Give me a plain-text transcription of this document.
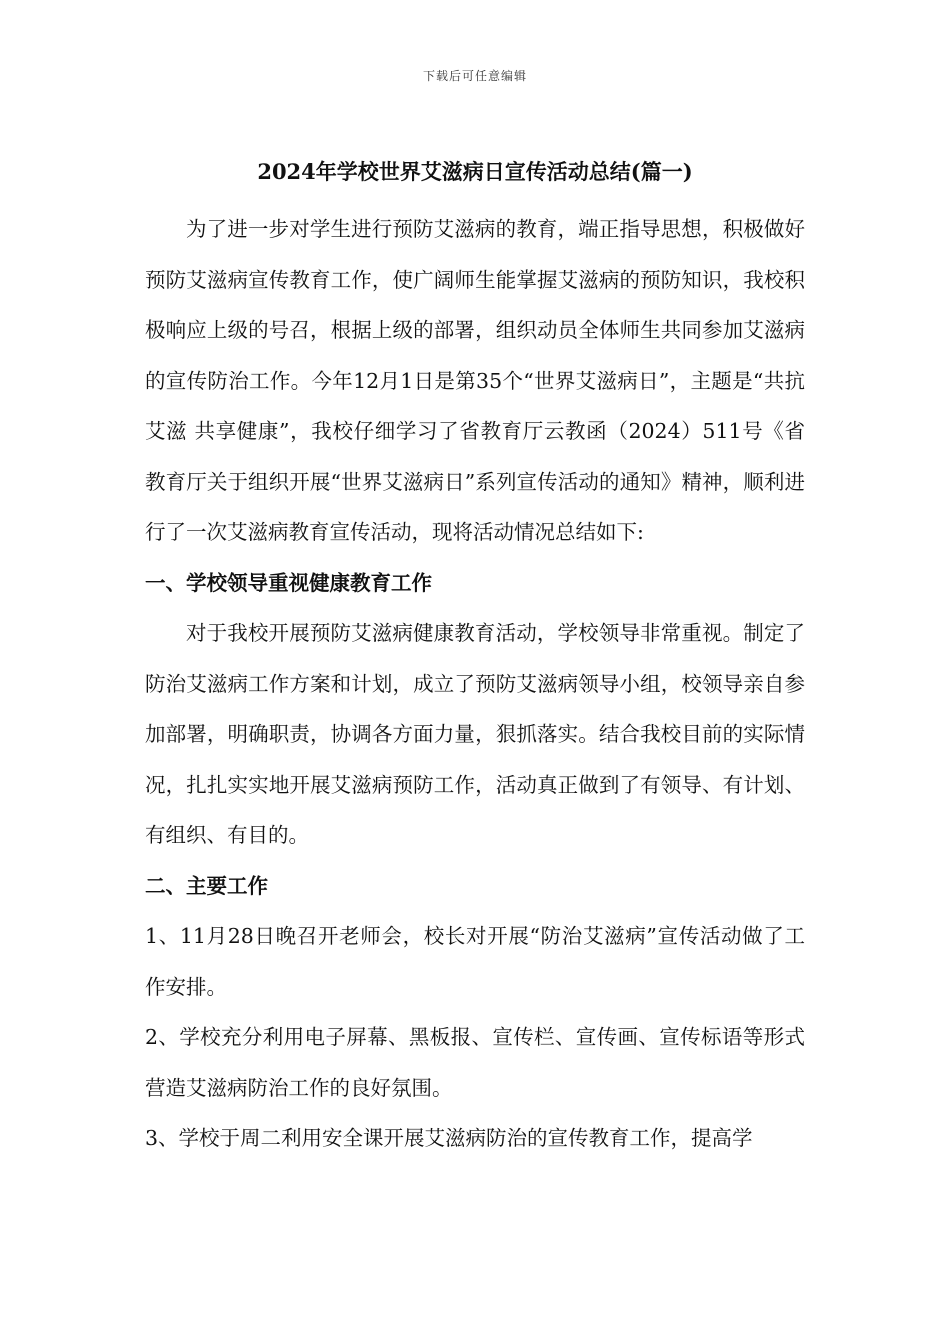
下载后可任意编辑
2024年学校世界艾滋病日宣传活动总结(篇一)

为了进一步对学生进行预防艾滋病的教育，端正指导思想，积极做好预防艾滋病宣传教育工作，使广阔师生能掌握艾滋病的预防知识，我校积极响应上级的号召，根据上级的部署，组织动员全体师生共同参加艾滋病的宣传防治工作。今年12月1日是第35个“世界艾滋病日”，主题是“共抗艾滋 共享健康”，我校仔细学习了省教育厅云教函（2024）511号《省教育厅关于组织开展“世界艾滋病日”系列宣传活动的通知》精神，顺利进行了一次艾滋病教育宣传活动，现将活动情况总结如下:

一、学校领导重视健康教育工作

对于我校开展预防艾滋病健康教育活动，学校领导非常重视。制定了防治艾滋病工作方案和计划，成立了预防艾滋病领导小组，校领导亲自参加部署，明确职责，协调各方面力量，狠抓落实。结合我校目前的实际情况，扎扎实实地开展艾滋病预防工作，活动真正做到了有领导、有计划、有组织、有目的。

二、主要工作

1、11月28日晚召开老师会，校长对开展“防治艾滋病”宣传活动做了工作安排。

2、学校充分利用电子屏幕、黑板报、宣传栏、宣传画、宣传标语等形式营造艾滋病防治工作的良好氛围。

3、学校于周二利用安全课开展艾滋病防治的宣传教育工作，提高学
